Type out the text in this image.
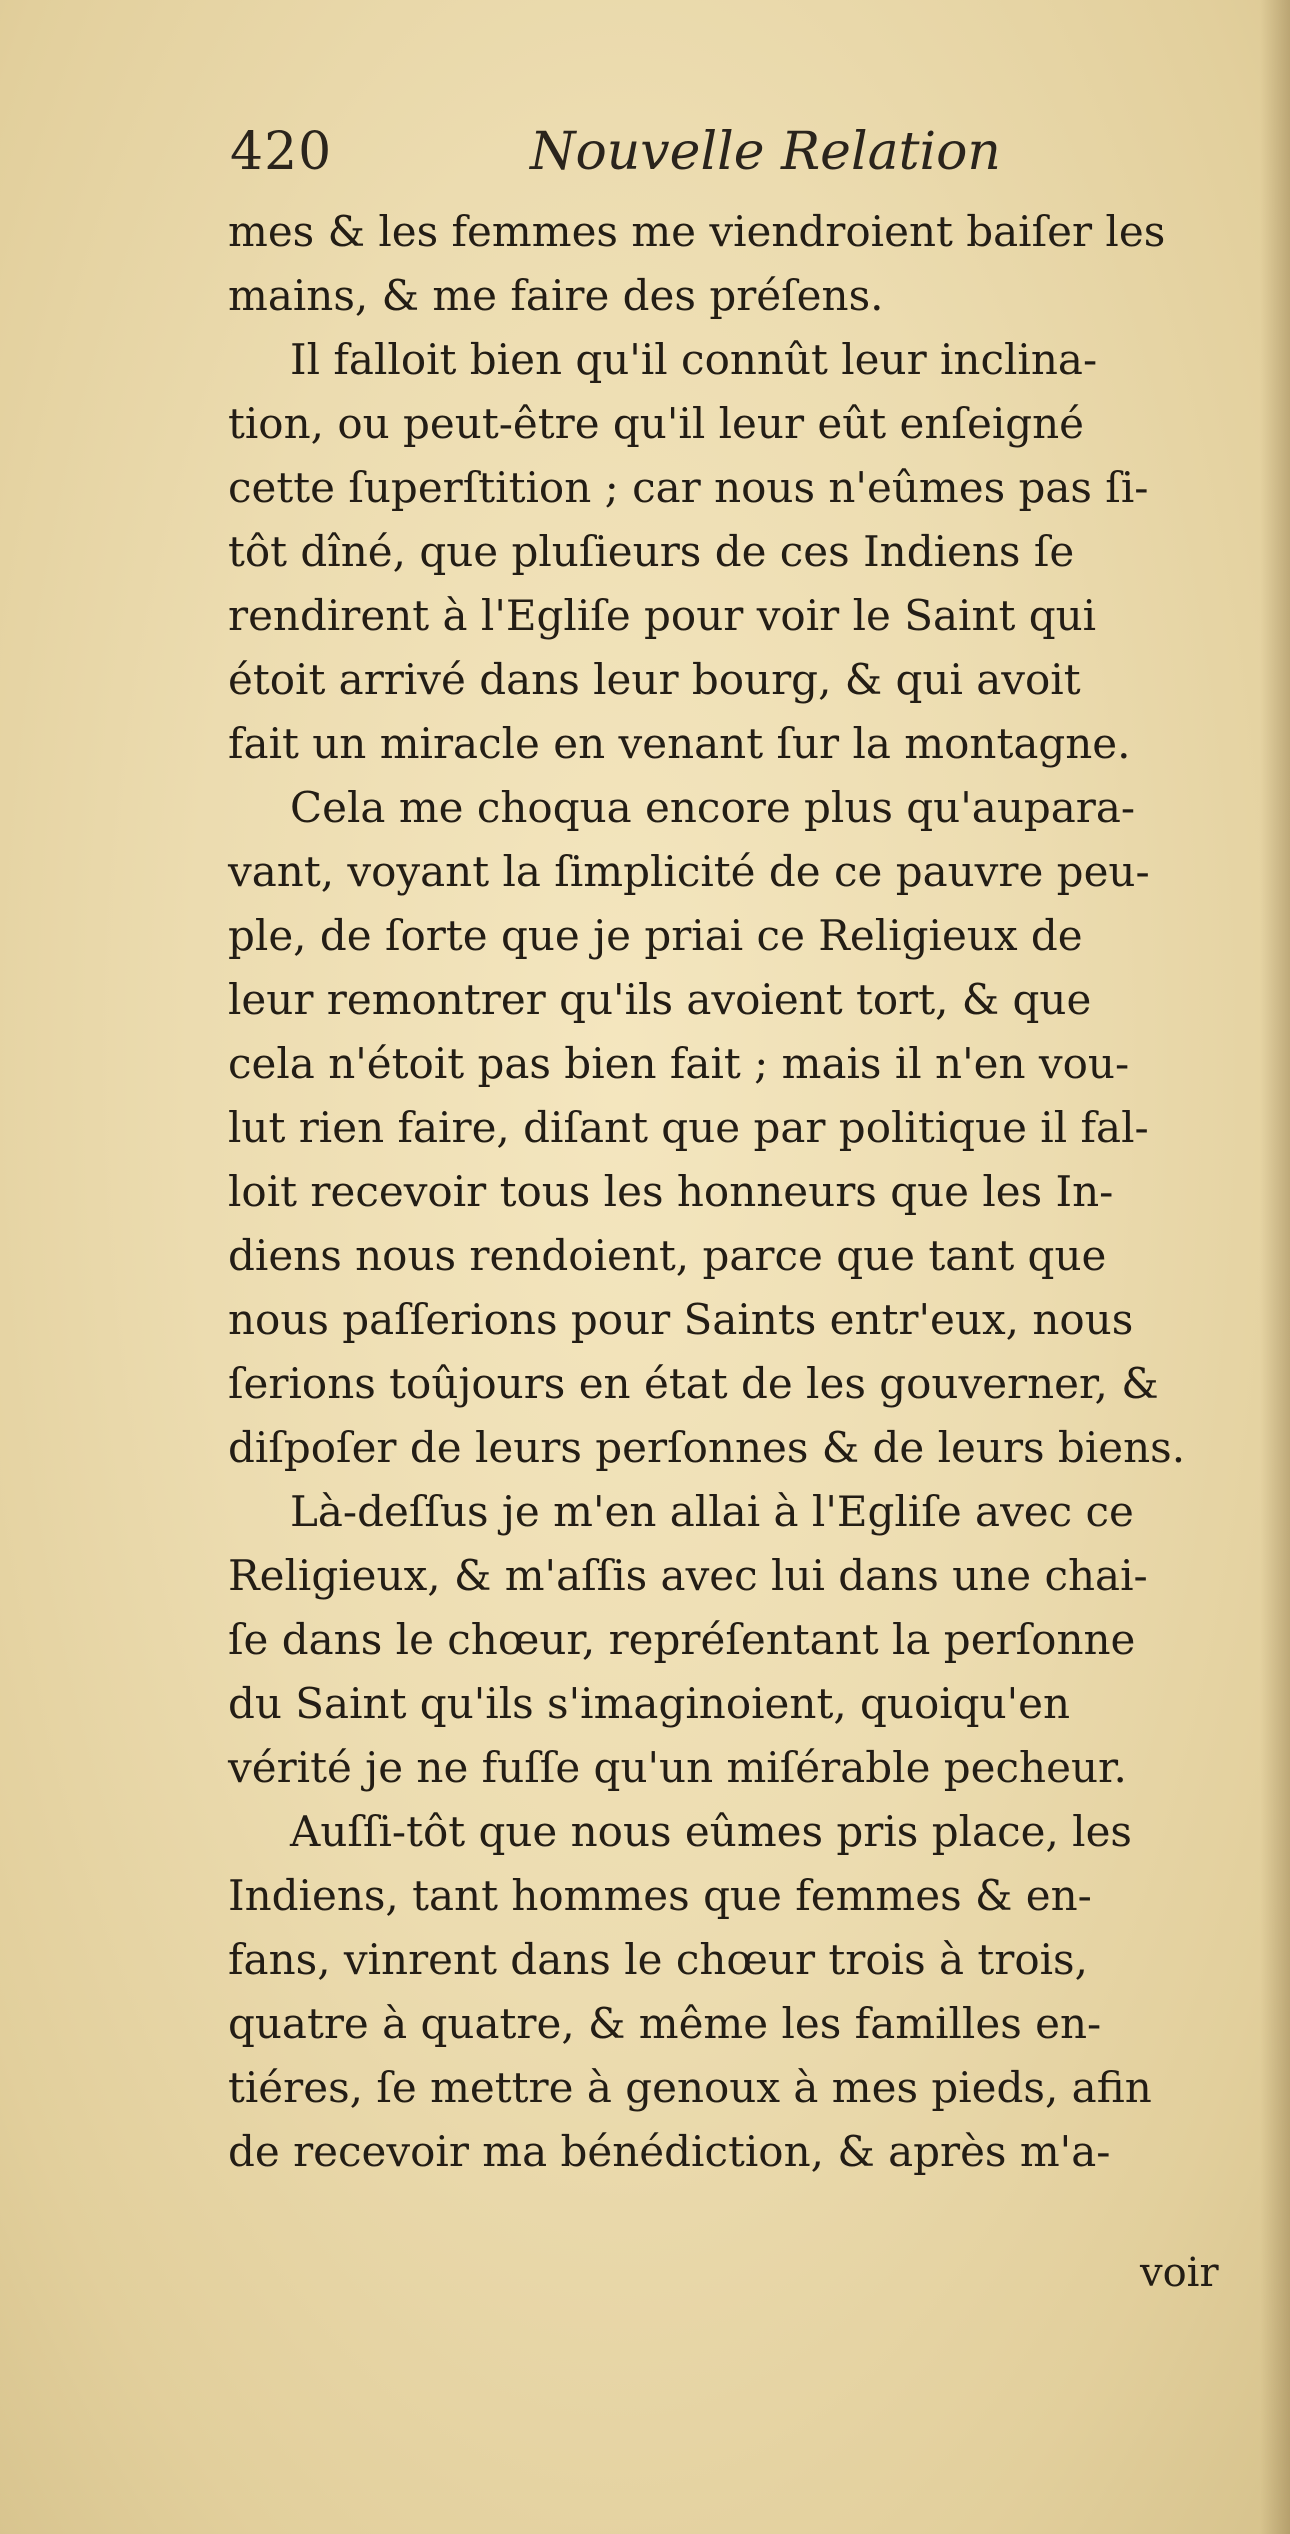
420	Nouvelle Relation
mes & les femmes me viendroient baiſer les
mains, & me faire des préſens.
Il falloit bien qu'il connût leur inclina-
tion, ou peut-être qu'il leur eût enſeigné
cette ſuperſtition ; car nous n'eûmes pas ſi-
tôt dîné, que pluſieurs de ces Indiens ſe
rendirent à l'Egliſe pour voir le Saint qui
étoit arrivé dans leur bourg, & qui avoit
fait un miracle en venant ſur la montagne.
Cela me choqua encore plus qu'aupara-
vant, voyant la ſimplicité de ce pauvre peu-
ple, de ſorte que je priai ce Religieux de
leur remontrer qu'ils avoient tort, & que
cela n'étoit pas bien fait ; mais il n'en vou-
lut rien faire, diſant que par politique il fal-
loit recevoir tous les honneurs que les In-
diens nous rendoient, parce que tant que
nous paſſerions pour Saints entr'eux, nous
ſerions toûjours en état de les gouverner, &
diſpoſer de leurs perſonnes & de leurs biens.
Là-deſſus je m'en allai à l'Egliſe avec ce
Religieux, & m'aſſis avec lui dans une chai-
ſe dans le chœur, repréſentant la perſonne
du Saint qu'ils s'imaginoient, quoiqu'en
vérité je ne fuſſe qu'un miſérable pecheur.
Auſſi-tôt que nous eûmes pris place, les
Indiens, tant hommes que femmes & en-
fans, vinrent dans le chœur trois à trois,
quatre à quatre, & même les familles en-
tiéres, ſe mettre à genoux à mes pieds, afin
de recevoir ma bénédiction, & après m'a-
voir
